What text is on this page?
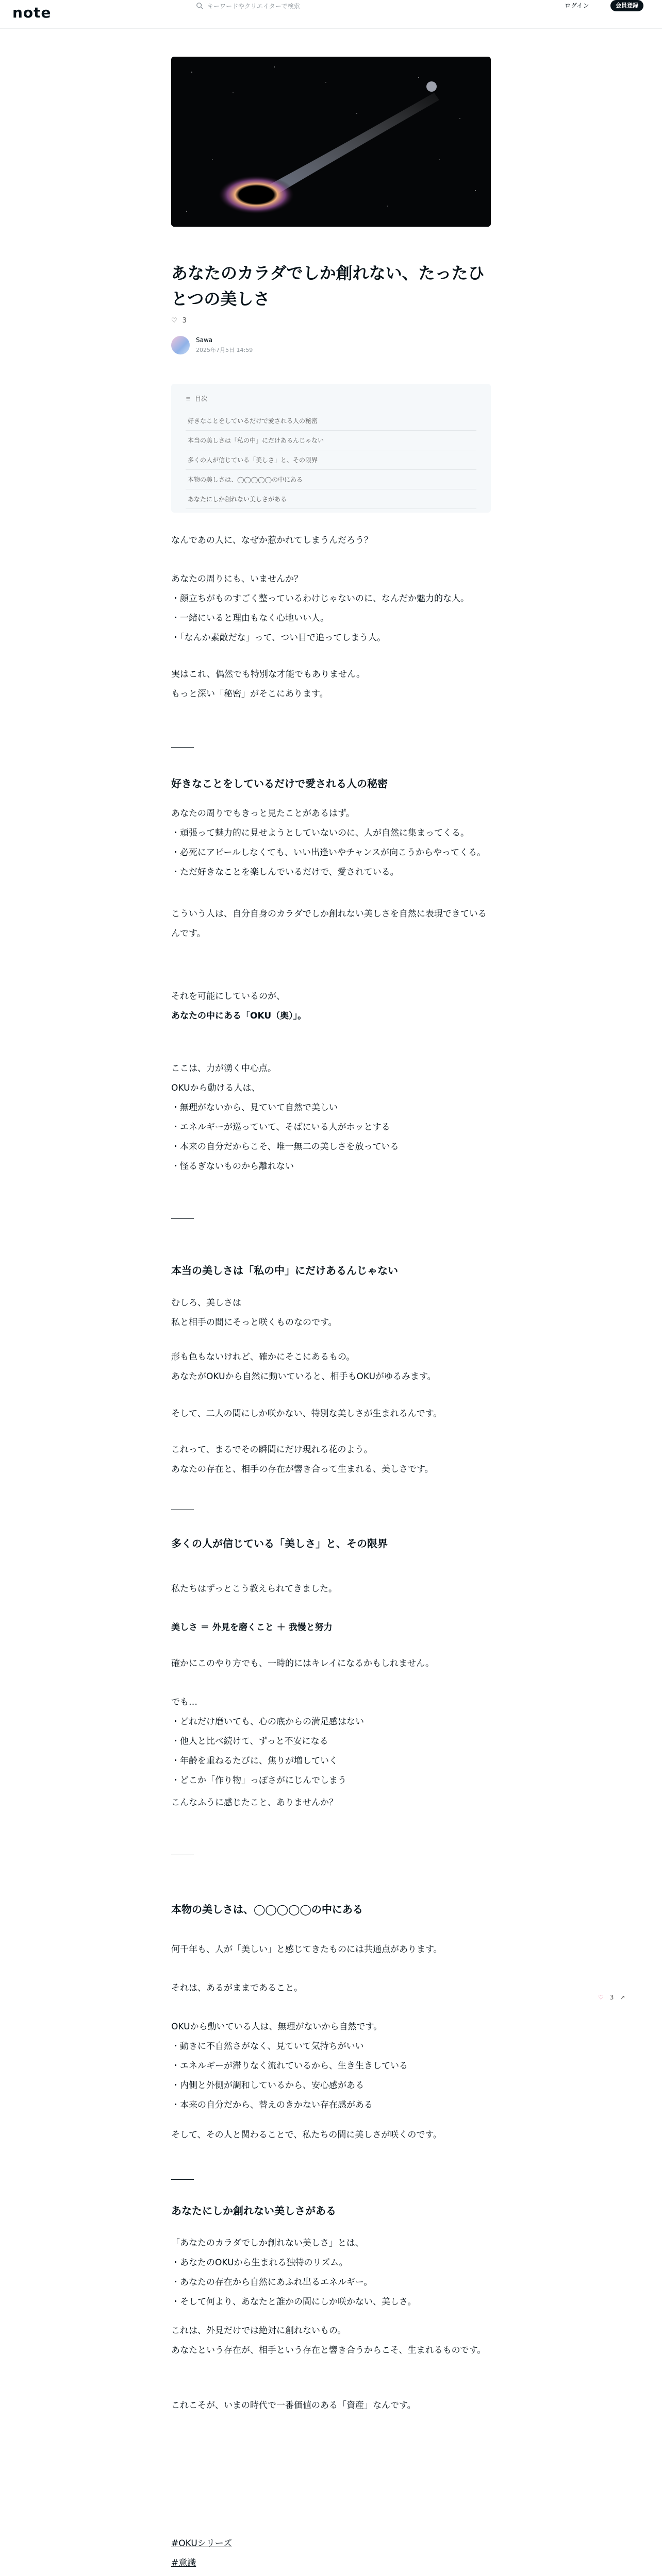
note	キーワードやクリエイターで検索	ログイン	会員登録
あなたのカラダでしか創れない、たったひとつの美しさ
♡ 3
Sawa
2025年7月5日 14:59
≡ 目次
好きなことをしているだけで愛される人の秘密
本当の美しさは「私の中」にだけあるんじゃない
多くの人が信じている「美しさ」と、その限界
本物の美しさは、◯◯◯◯◯の中にある
あなたにしか創れない美しさがある
なんであの人に、なぜか惹かれてしまうんだろう？
あなたの周りにも、いませんか？
・顔立ちがものすごく整っているわけじゃないのに、なんだか魅力的な人。
・一緒にいると理由もなく心地いい人。
・「なんか素敵だな」って、つい目で追ってしまう人。
実はこれ、偶然でも特別な才能でもありません。
もっと深い「秘密」がそこにあります。
好きなことをしているだけで愛される人の秘密
あなたの周りでもきっと見たことがあるはず。
・頑張って魅力的に見せようとしていないのに、人が自然に集まってくる。
・必死にアピールしなくても、いい出逢いやチャンスが向こうからやってくる。
・ただ好きなことを楽しんでいるだけで、愛されている。
こういう人は、自分自身のカラダでしか創れない美しさを自然に表現できているんです。
それを可能にしているのが、
あなたの中にある「OKU（奥）」。
ここは、力が湧く中心点。
OKUから動ける人は、
・無理がないから、見ていて自然で美しい
・エネルギーが巡っていて、そばにいる人がホッとする
・本来の自分だからこそ、唯一無二の美しさを放っている
・怪るぎないものから離れない
本当の美しさは「私の中」にだけあるんじゃない
むしろ、美しさは
私と相手の間にそっと咲くものなのです。
形も色もないけれど、確かにそこにあるもの。
あなたがOKUから自然に動いていると、相手もOKUがゆるみます。
そして、二人の間にしか咲かない、特別な美しさが生まれるんです。
これって、まるでその瞬間にだけ現れる花のよう。
あなたの存在と、相手の存在が響き合って生まれる、美しさです。
多くの人が信じている「美しさ」と、その限界
私たちはずっとこう教えられてきました。
美しさ ＝ 外見を磨くこと ＋ 我慢と努力
確かにこのやり方でも、一時的にはキレイになるかもしれません。
でも…
・どれだけ磨いても、心の底からの満足感はない
・他人と比べ続けて、ずっと不安になる
・年齢を重ねるたびに、焦りが増していく
・どこか「作り物」っぽさがにじんでしまう
こんなふうに感じたこと、ありませんか？
本物の美しさは、◯◯◯◯◯の中にある
何千年も、人が「美しい」と感じてきたものには共通点があります。
それは、あるがままであること。
OKUから動いている人は、無理がないから自然です。
・動きに不自然さがなく、見ていて気持ちがいい
・エネルギーが滞りなく流れているから、生き生きしている
・内側と外側が調和しているから、安心感がある
・本来の自分だから、替えのきかない存在感がある
そして、その人と関わることで、私たちの間に美しさが咲くのです。
あなたにしか創れない美しさがある
「あなたのカラダでしか創れない美しさ」とは、
・あなたのOKUから生まれる独特のリズム。
・あなたの存在から自然にあふれ出るエネルギー。
・そして何より、あなたと誰かの間にしか咲かない、美しさ。
これは、外見だけでは絶対に創れないもの。
あなたという存在が、相手という存在と響き合うからこそ、生まれるものです。
これこそが、いまの時代で一番価値のある「資産」なんです。
#OKUシリーズ
#意識
♡ 3 ↗
